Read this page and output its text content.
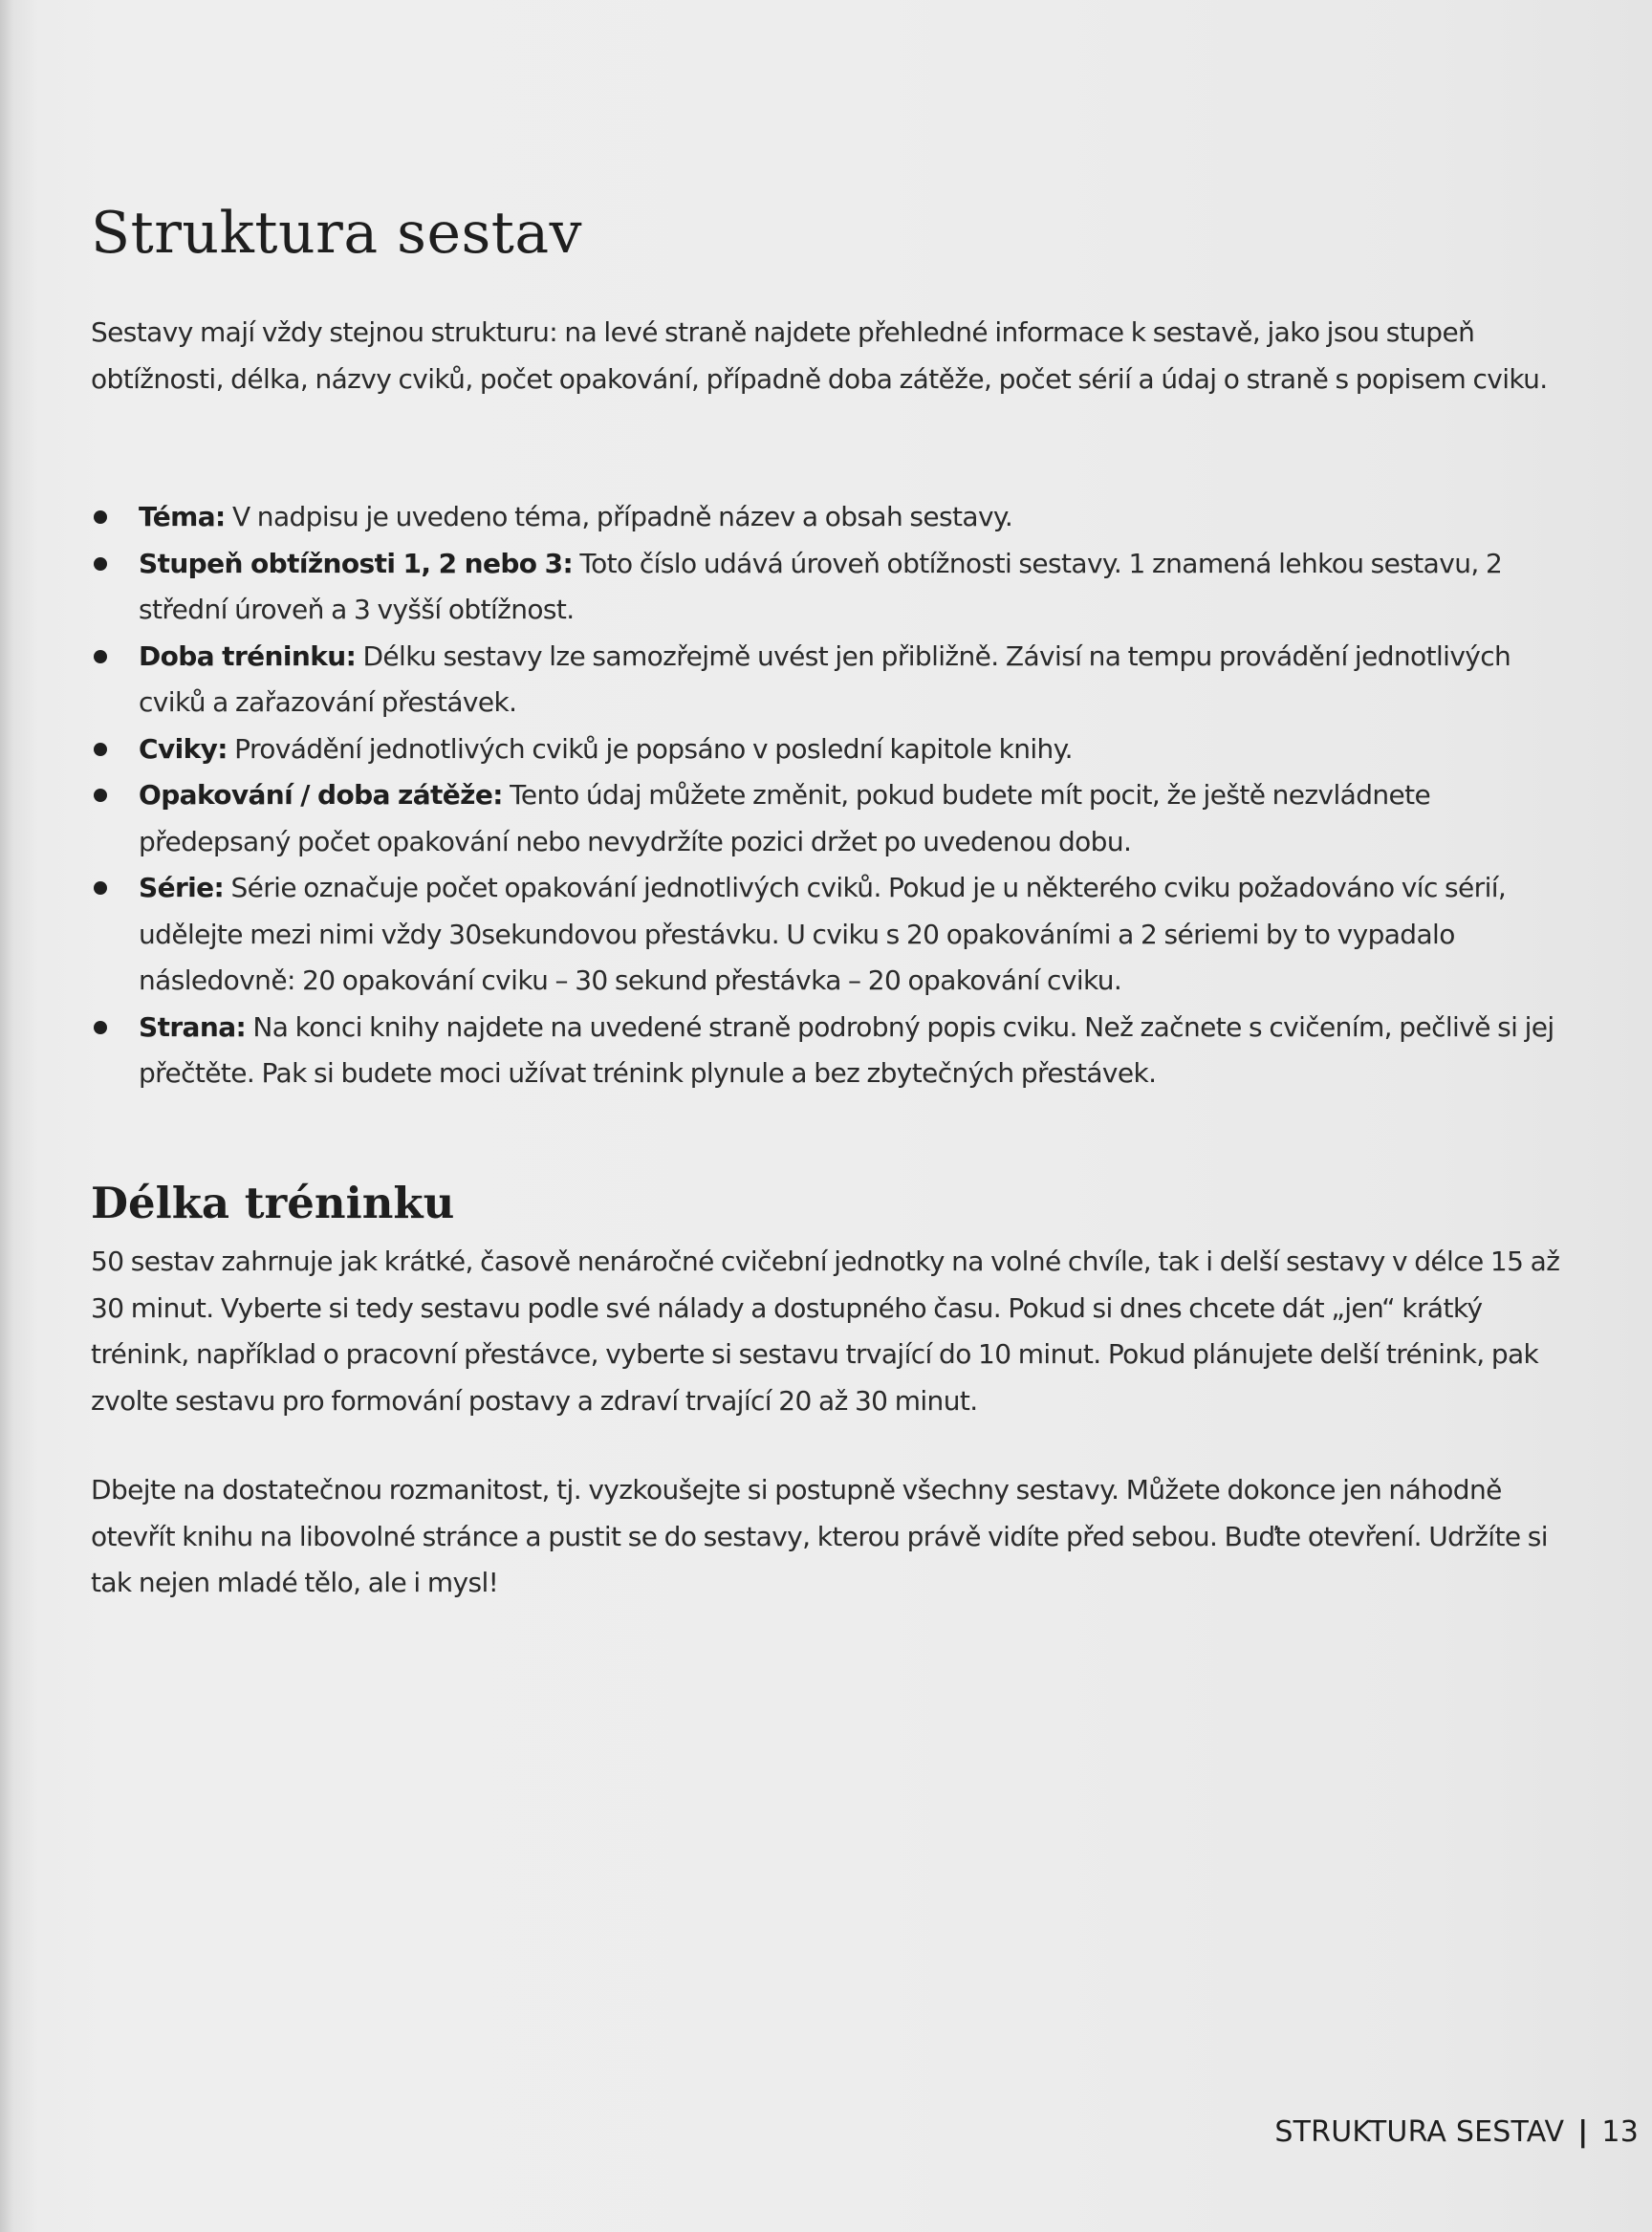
Struktura sestav

Sestavy mají vždy stejnou strukturu: na levé straně najdete přehledné informace k sestavě, jako jsou stupeň obtížnosti, délka, názvy cviků, počet opakování, případně doba zátěže, počet sérií a údaj o straně s popisem cviku.

Téma: V nadpisu je uvedeno téma, případně název a obsah sestavy.
Stupeň obtížnosti 1, 2 nebo 3: Toto číslo udává úroveň obtížnosti sestavy. 1 znamená lehkou sestavu, 2 střední úroveň a 3 vyšší obtížnost.
Doba tréninku: Délku sestavy lze samozřejmě uvést jen přibližně. Závisí na tempu provádění jednotlivých cviků a zařazování přestávek.
Cviky: Provádění jednotlivých cviků je popsáno v poslední kapitole knihy.
Opakování / doba zátěže: Tento údaj můžete změnit, pokud budete mít pocit, že ještě nezvládnete předepsaný počet opakování nebo nevydržíte pozici držet po uvedenou dobu.
Série: Série označuje počet opakování jednotlivých cviků. Pokud je u některého cviku požadováno víc sérií, udělejte mezi nimi vždy 30sekundovou přestávku. U cviku s 20 opakováními a 2 sériemi by to vypadalo následovně: 20 opakování cviku – 30 sekund přestávka – 20 opakování cviku.
Strana: Na konci knihy najdete na uvedené straně podrobný popis cviku. Než začnete s cvičením, pečlivě si jej přečtěte. Pak si budete moci užívat trénink plynule a bez zbytečných přestávek.
Délka tréninku

50 sestav zahrnuje jak krátké, časově nenáročné cvičební jednotky na volné chvíle, tak i delší sestavy v délce 15 až 30 minut. Vyberte si tedy sestavu podle své nálady a dostupného času. Pokud si dnes chcete dát „jen“ krátký trénink, například o pracovní přestávce, vyberte si sestavu trvající do 10 minut. Pokud plánujete delší trénink, pak zvolte sestavu pro formování postavy a zdraví trvající 20 až 30 minut.

Dbejte na dostatečnou rozmanitost, tj. vyzkoušejte si postupně všechny sestavy. Můžete dokonce jen náhodně otevřít knihu na libovolné stránce a pustit se do sestavy, kterou právě vidíte před sebou. Buďte otevření. Udržíte si tak nejen mladé tělo, ale i mysl!

STRUKTURA SESTAV | 13
